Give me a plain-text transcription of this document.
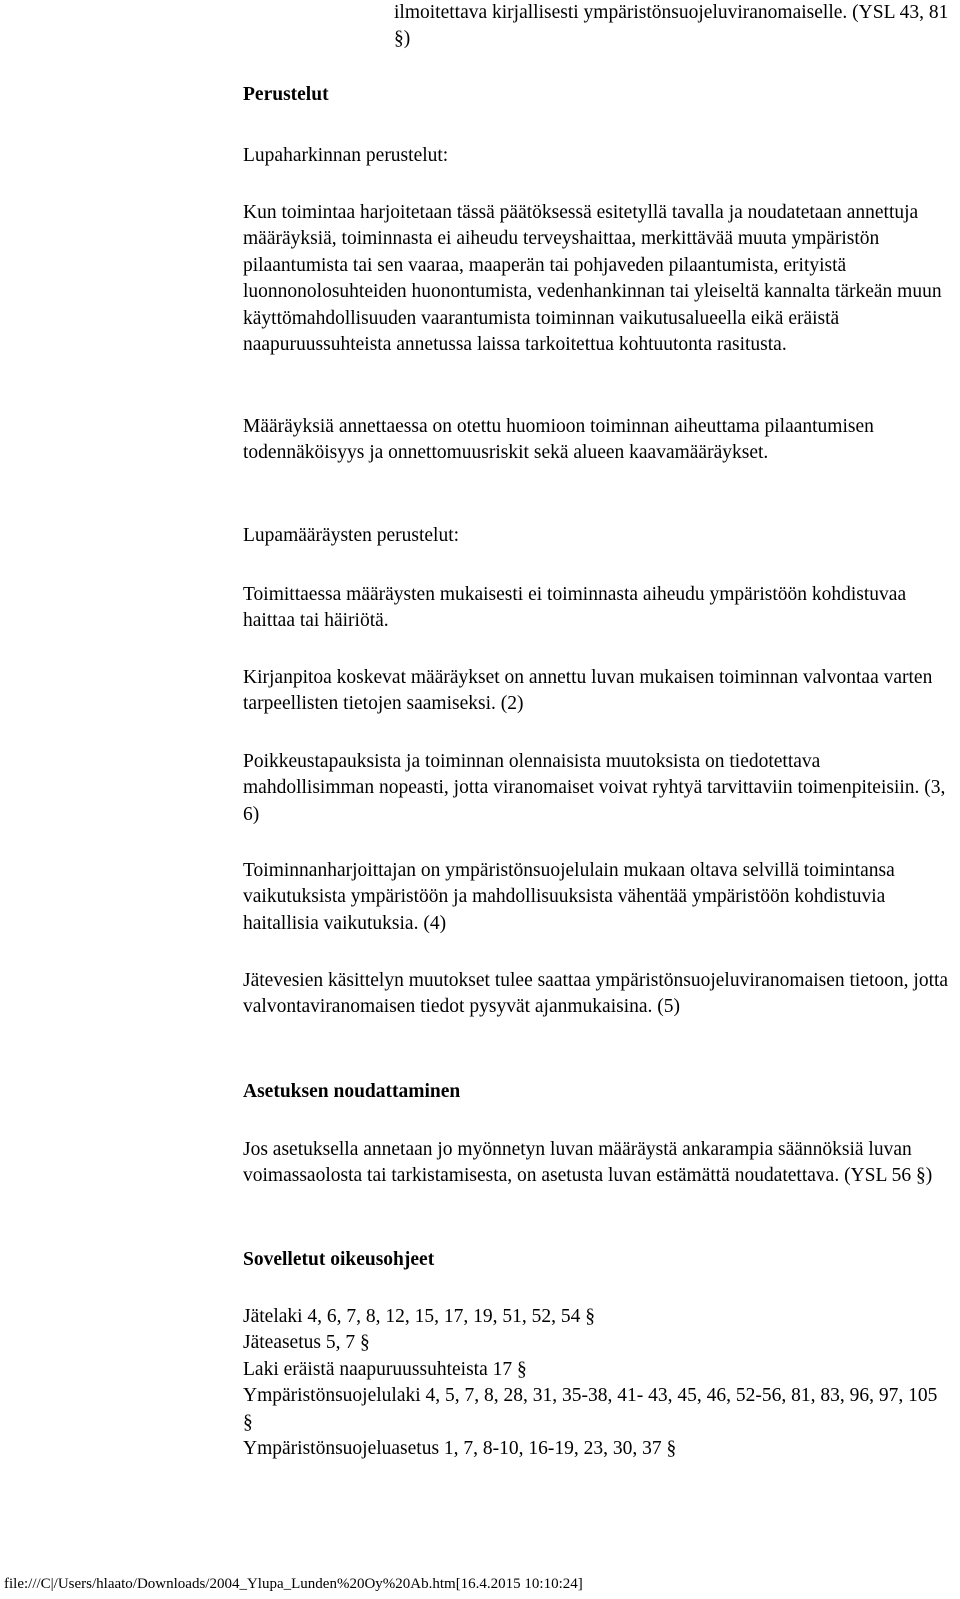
ilmoitettava kirjallisesti ympäristönsuojeluviranomaiselle. (YSL 43, 81 §)

Perustelut

Lupaharkinnan perustelut:

Kun toimintaa harjoitetaan tässä päätöksessä esitetyllä tavalla ja noudatetaan annettuja määräyksiä, toiminnasta ei aiheudu terveyshaittaa, merkittävää muuta ympäristön pilaantumista tai sen vaaraa, maaperän tai pohjaveden pilaantumista, erityistä luonnonolosuhteiden huonontumista, vedenhankinnan tai yleiseltä kannalta tärkeän muun käyttömahdollisuuden vaarantumista toiminnan vaikutusalueella eikä eräistä naapuruussuhteista annetussa laissa tarkoitettua kohtuutonta rasitusta.

Määräyksiä annettaessa on otettu huomioon toiminnan aiheuttama pilaantumisen todennäköisyys ja onnettomuusriskit sekä alueen kaavamääräykset.

Lupamääräysten perustelut:

Toimittaessa määräysten mukaisesti ei toiminnasta aiheudu ympäristöön kohdistuvaa haittaa tai häiriötä.

Kirjanpitoa koskevat määräykset on annettu luvan mukaisen toiminnan valvontaa varten tarpeellisten tietojen saamiseksi. (2)

Poikkeustapauksista ja toiminnan olennaisista muutoksista on tiedotettava mahdollisimman nopeasti, jotta viranomaiset voivat ryhtyä tarvittaviin toimenpiteisiin. (3, 6)

Toiminnanharjoittajan on ympäristönsuojelulain mukaan oltava selvillä toimintansa vaikutuksista ympäristöön ja mahdollisuuksista vähentää ympäristöön kohdistuvia haitallisia vaikutuksia. (4)

Jätevesien käsittelyn muutokset tulee saattaa ympäristönsuojeluviranomaisen tietoon, jotta valvontaviranomaisen tiedot pysyvät ajanmukaisina. (5)

Asetuksen noudattaminen

Jos asetuksella annetaan jo myönnetyn luvan määräystä ankarampia säännöksiä luvan voimassaolosta tai tarkistamisesta, on asetusta luvan estämättä noudatettava. (YSL 56 §)

Sovelletut oikeusohjeet
Jätelaki 4, 6, 7, 8, 12, 15, 17, 19, 51, 52, 54 §
Jäteasetus 5, 7 §
Laki eräistä naapuruussuhteista 17 §
Ympäristönsuojelulaki 4, 5, 7, 8, 28, 31, 35-38, 41- 43, 45, 46, 52-56, 81, 83, 96, 97, 105 §
Ympäristönsuojeluasetus 1, 7, 8-10, 16-19, 23, 30, 37 §
file:///C|/Users/hlaato/Downloads/2004_Ylupa_Lunden%20Oy%20Ab.htm[16.4.2015 10:10:24]
